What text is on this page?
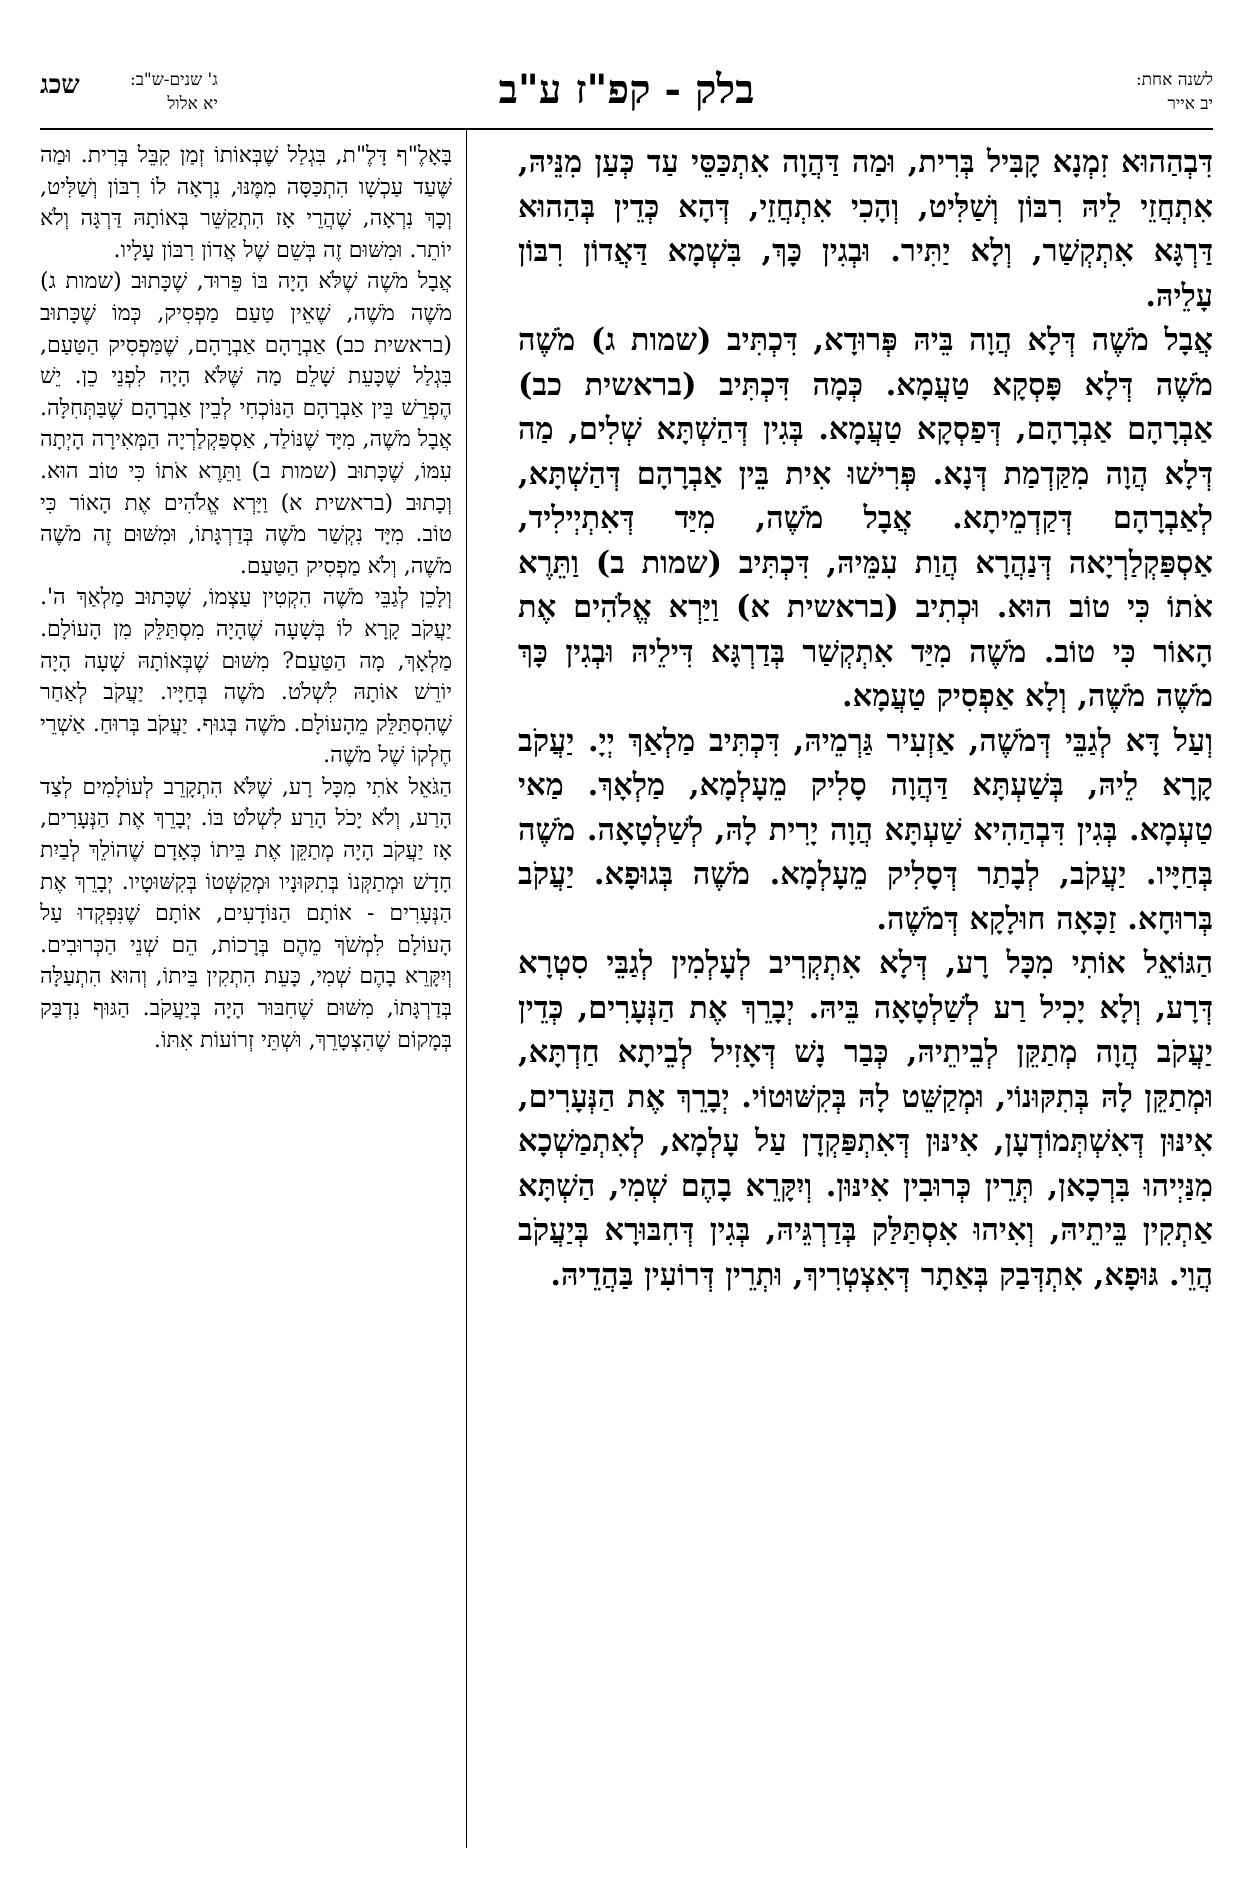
לשנה אחת:
יב אייר
בלק - קפ"ז ע"ב
ג' שנים-ש"ב:
יא אלול
שכג

דִּבְהַהוּא זִמְנָא קָבִּיל בְּרִית, וּמַה דַּהֲוָה אִתְכַּסֵּי עַד כְּעַן מִנֵּיהּ, אִתְחֲזֵי לֵיהּ רִבּוֹן וְשַׁלִּיט, וְהָכִי אִתְחֲזֵי, דְּהָא כְּדֵין בְּהַהוּא דַּרְגָּא אִתְקְשַׁר, וְלָא יַתִּיר. וּבְגִין כָּךְ, בִּשְׁמָא דַּאֲדוֹן רִבּוֹן עָלֵיהּ.

אֲבָל מֹשֶׁה דְּלָא הֲוָה בֵּיהּ פְּרוּדָא, דִּכְתִּיב (שמות ג) מֹשֶׁה מֹשֶׁה דְּלָא פָּסְקָא טַעֲמָא. כְּמָה דִּכְתִּיב (בראשית כב) אַבְרָהָם אַבְרָהָם, דְּפַסְקָא טַעֲמָא. בְּגִין דְּהַשְׁתָּא שְׁלִים, מַה דְּלָא הֲוָה מִקַּדְמַת דְּנָא. פְּרִישׁוּ אִית בֵּין אַבְרָהָם דְּהַשְׁתָּא, לְאַבְרָהָם דְּקַדְמֵיתָא. אֲבָל מֹשֶׁה, מִיַּד דְּאִתְיְילִיד, אַסְפַּקְלַרְיָאה דְּנַהֲרָא הֲוַת עִמֵּיהּ, דִּכְתִּיב (שמות ב) וַתֵּרֶא אֹתוֹ כִּי טוֹב הוּא. וּכְתִיב (בראשית א) וַיַּרְא אֱלֹהִים אֶת הָאוֹר כִּי טוֹב. מֹשֶׁה מִיַּד אִתְקְשַׁר בְּדַרְגָּא דִּילֵיהּ וּבְגִין כָּךְ מֹשֶׁה מֹשֶׁה, וְלָא אַפְסִיק טַעֲמָא.

וְעַל דָּא לְגַבֵּי דְּמֹשֶׁה, אַזְעִיר גַּרְמֵיהּ, דִּכְתִּיב מַלְאַךְ יְיָ. יַעֲקֹב קָרָא לֵיהּ, בְּשַׁעְתָּא דַּהֲוָה סָלִיק מֵעָלְמָא, מַלְאָךְ. מַאי טַעְמָא. בְּגִין דִּבְהַהִיא שַׁעְתָּא הֲוָה יָרִית לָהּ, לְשַׁלְטָאָה. מֹשֶׁה בְּחַיָּיו. יַעֲקֹב, לְבָתַר דְּסָלִיק מֵעָלְמָא. מֹשֶׁה בְּגוּפָא. יַעֲקֹב בְּרוּחָא. זַכָּאָה חוּלָקָא דְּמֹשֶׁה.

הַגּוֹאֵל אוֹתִי מִכָּל רָע, דְּלָא אִתְקְרִיב לְעָלְמִין לְגַבֵּי סִטְרָא דְּרָע, וְלָא יָכִיל רַע לְשַׁלְטָאָה בֵּיהּ. יְבָרֵךְ אֶת הַנְּעָרִים, כְּדֵין יַעֲקֹב הֲוָה מְתַקֵּן לְבֵיתֵיהּ, כְּבַר נָשׁ דְּאָזִיל לְבֵיתָא חַדְתָּא, וּמְתַקֵּן לָהּ בְּתִקּוּנוֹי, וּמְקַשֵּׁט לָהּ בְּקִשּׁוּטוֹי. יְבָרֵךְ אֶת הַנְּעָרִים, אִינּוּן דְּאִשְׁתְּמוֹדְעָן, אִינּוּן דְּאִתְפַּקְדָן עַל עָלְמָא, לְאִתְמַשְׁכָא מִנַּיְיהוּ בִּרְכָאן, תְּרֵין כְּרוּבִין אִינּוּן. וְיִקָּרֵא בָהֶם שְׁמִי, הַשְׁתָּא אַתְקִין בֵּיתֵיהּ, וְאִיהוּ אִסְתַּלַּק בְּדַרְגֵּיהּ, בְּגִין דְּחִבּוּרָא בְּיַעֲקֹב הֲוֵי. גּוּפָא, אִתְדְּבַק בְּאַתָר דְּאִצְטְרִיךְ, וּתְרֵין דְּרוֹעִין בַּהֲדֵיהּ.

בָּאָלֶ"ף דָּלֶ"ת, בִּגְלַל שֶׁבְּאוֹתוֹ זְמַן קִבֵּל בְּרִית. וּמַה שֶּׁעַד עַכְשָׁו הִתְכַּסָּה מִמֶּנּוּ, נִרְאָה לוֹ רִבּוֹן וְשַׁלִּיט, וְכָךְ נִרְאָה, שֶׁהֲרֵי אָז הִתְקַשֵּׁר בְּאוֹתָהּ דַּרְגָּה וְלֹא יוֹתֵר. וּמִשּׁוּם זֶה בְּשֵׁם שֶׁל אֲדוֹן רִבּוֹן עָלָיו.

אֲבָל מֹשֶׁה שֶׁלֹּא הָיָה בּוֹ פֵּרוּד, שֶׁכָּתוּב (שמות ג) מֹשֶׁה מֹשֶׁה, שֶׁאֵין טַעַם מַפְסִיק, כְּמוֹ שֶׁכָּתוּב (בראשית כב) אַבְרָהָם אַבְרָהָם, שֶׁמַּפְסִיק הַטַּעַם, בִּגְלַל שֶׁכָּעֵת שָׁלֵם מַה שֶּׁלֹּא הָיָה לִפְנֵי כֵן. יֵשׁ הֶפְרֵשׁ בֵּין אַבְרָהָם הַנּוֹכְחִי לְבֵין אַבְרָהָם שֶׁבַּתְּחִלָּה. אֲבָל מֹשֶׁה, מִיָּד שֶׁנּוֹלַד, אַסְפַּקְלַרְיָה הַמְּאִירָה הָיְתָה עִמּוֹ, שֶׁכָּתוּב (שמות ב) וַתֵּרֶא אֹתוֹ כִּי טוֹב הוּא. וְכָתוּב (בראשית א) וַיַּרְא אֱלֹהִים אֶת הָאוֹר כִּי טוֹב. מִיָּד נִקְשַׁר מֹשֶׁה בְּדַרְגָּתוֹ, וּמִשּׁוּם זֶה מֹשֶׁה מֹשֶׁה, וְלֹא מַפְסִיק הַטַּעַם.

וְלָכֵן לְגַבֵּי מֹשֶׁה הִקְטִין עַצְמוֹ, שֶׁכָּתוּב מַלְאַךְ ה'. יַעֲקֹב קָרָא לוֹ בְּשָׁעָה שֶׁהָיָה מִסְתַּלֵּק מִן הָעוֹלָם. מַלְאָךְ, מָה הַטַּעַם? מִשּׁוּם שֶׁבְּאוֹתָהּ שָׁעָה הָיָה יוֹרֵשׁ אוֹתָהּ לִשְׁלֹט. מֹשֶׁה בְּחַיָּיו. יַעֲקֹב לְאַחַר שֶׁהִסְתַּלֵּק מֵהָעוֹלָם. מֹשֶׁה בְּגוּף. יַעֲקֹב בְּרוּחַ. אַשְׁרֵי חֶלְקוֹ שֶׁל מֹשֶׁה.

הַגֹּאֵל אֹתִי מִכָּל רָע, שֶׁלֹּא הִתְקָרֵב לְעוֹלָמִים לְצַד הָרַע, וְלֹא יָכֹל הָרַע לִשְׁלֹט בּוֹ. יְבָרֵךְ אֶת הַנְּעָרִים, אָז יַעֲקֹב הָיָה מְתַקֵּן אֶת בֵּיתוֹ כְּאָדָם שֶׁהוֹלֵךְ לְבַיִת חָדָשׁ וּמְתַקְּנוֹ בְּתִקּוּנָיו וּמְקַשְּׁטוֹ בְּקִשּׁוּטָיו. יְבָרֵךְ אֶת הַנְּעָרִים - אוֹתָם הַנּוֹדָעִים, אוֹתָם שֶׁנִּפְקְדוּ עַל הָעוֹלָם לִמְשֹׁךְ מֵהֶם בְּרָכוֹת, הֵם שְׁנֵי הַכְּרוּבִים. וְיִקָּרֵא בָהֶם שְׁמִי, כָּעֵת הִתְקִין בֵּיתוֹ, וְהוּא הִתְעַלָּה בְּדַרְגָּתוֹ, מִשּׁוּם שֶׁחִבּוּר הָיָה בְּיַעֲקֹב. הַגּוּף נִדְבַּק בְּמָקוֹם שֶׁהִצְטָרֵךְ, וּשְׁתֵּי זְרוֹעוֹת אִתּוֹ.
